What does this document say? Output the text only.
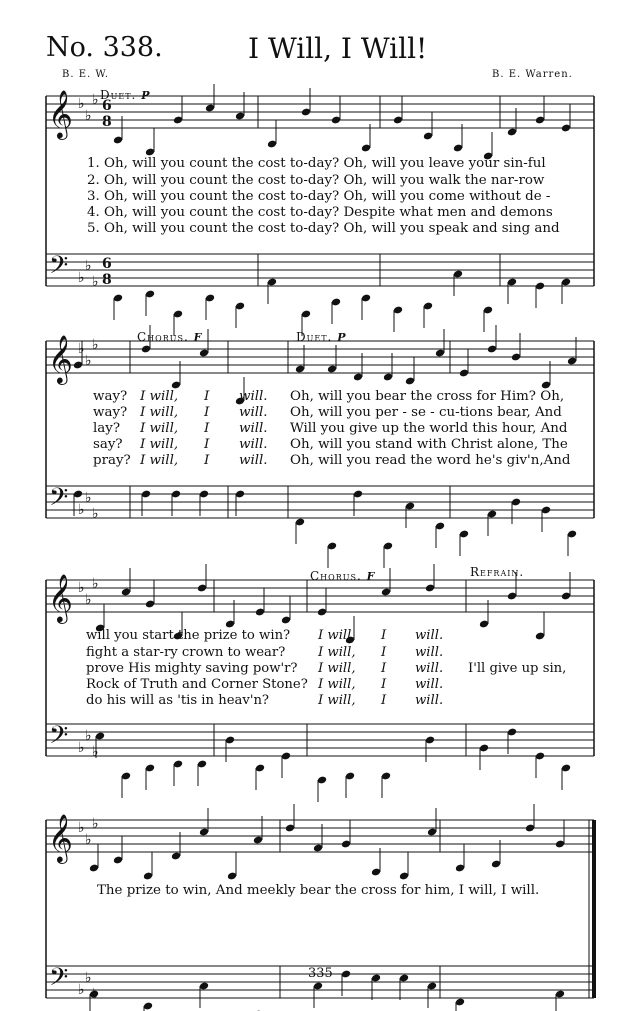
No. 338.	I Will, I Will!
B. E. W.	B. E. Warren.
𝄞 ♭
♭
♭ 6
8
𝄢 ♭
♭
♭
6
8
𝄞 ♭
♭
♭
𝄢 ♭
♭
♭
𝄞 ♭
♭
♭
𝄢 ♭
♭
♭
𝄞 ♭
♭
♭
𝄢 ♭
♭
Duet. p
1. Oh, will you count the cost to-day? Oh, will you leave your sin-ful
2. Oh, will you count the cost to-day? Oh, will you walk the nar-row
3. Oh, will you count the cost to-day? Oh, will you come without de -
4. Oh, will you count the cost to-day? Despite what men and demons
5. Oh, will you count the cost to-day? Oh, will you speak and sing and
Chorus. f	Duet. p
way? I will, I will. Oh, will you bear the cross for Him? Oh,
way? I will, I will. Oh, will you per - se - cu-tions bear, And
lay? I will, I will. Will you give up the world this hour, And
say? I will, I will. Oh, will you stand with Christ alone, The
pray? I will, I will. Oh, will you read the word he's giv'n,And
Chorus. f	Refrain.
will you start the prize to win? I will, I will.
fight a star-ry crown to wear? I will, I will.
prove His mighty saving pow'r? I will, I will. I'll give up sin,
Rock of Truth and Corner Stone? I will, I will.
do his will as 'tis in heav'n?	I will, I will.
The prize to win, And meekly bear the cross for him, I will, I will.
335
